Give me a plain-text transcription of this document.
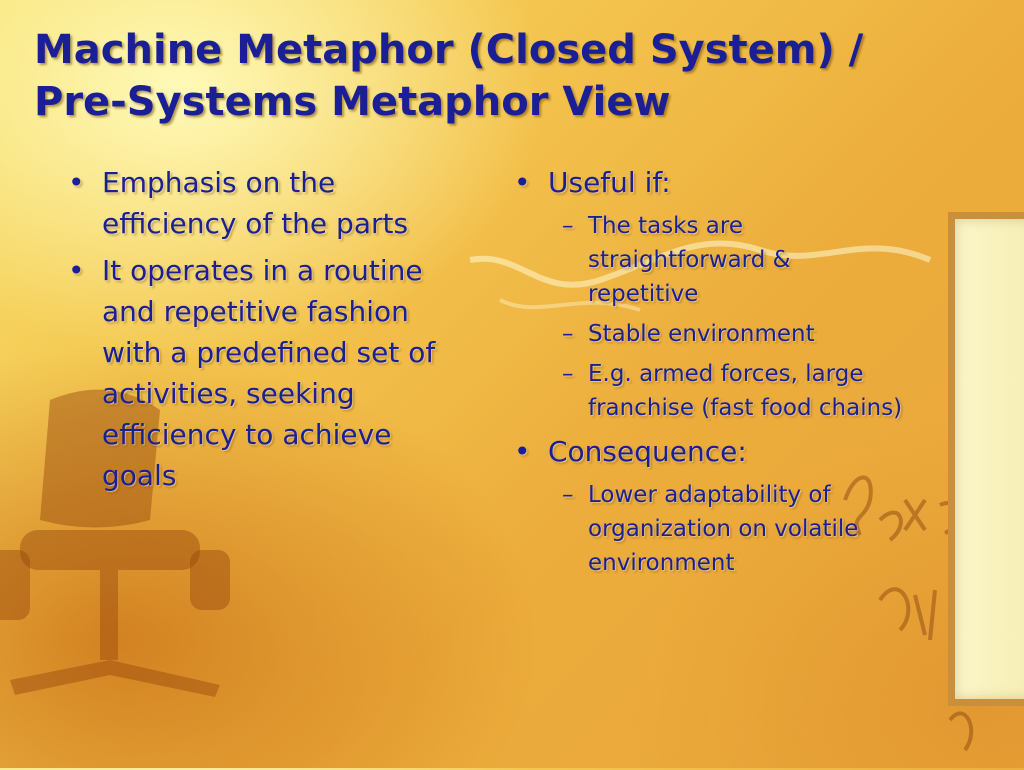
Machine Metaphor (Closed System) /
Pre-Systems Metaphor View
• Emphasis on the efficiency of the parts
• It operates in a routine and repetitive fashion with a predefined set of activities, seeking efficiency to achieve goals
• Useful if:
– The tasks are straightforward & repetitive
– Stable environment
– E.g. armed forces, large franchise (fast food chains)
• Consequence:
– Lower adaptability of organization on volatile environment
